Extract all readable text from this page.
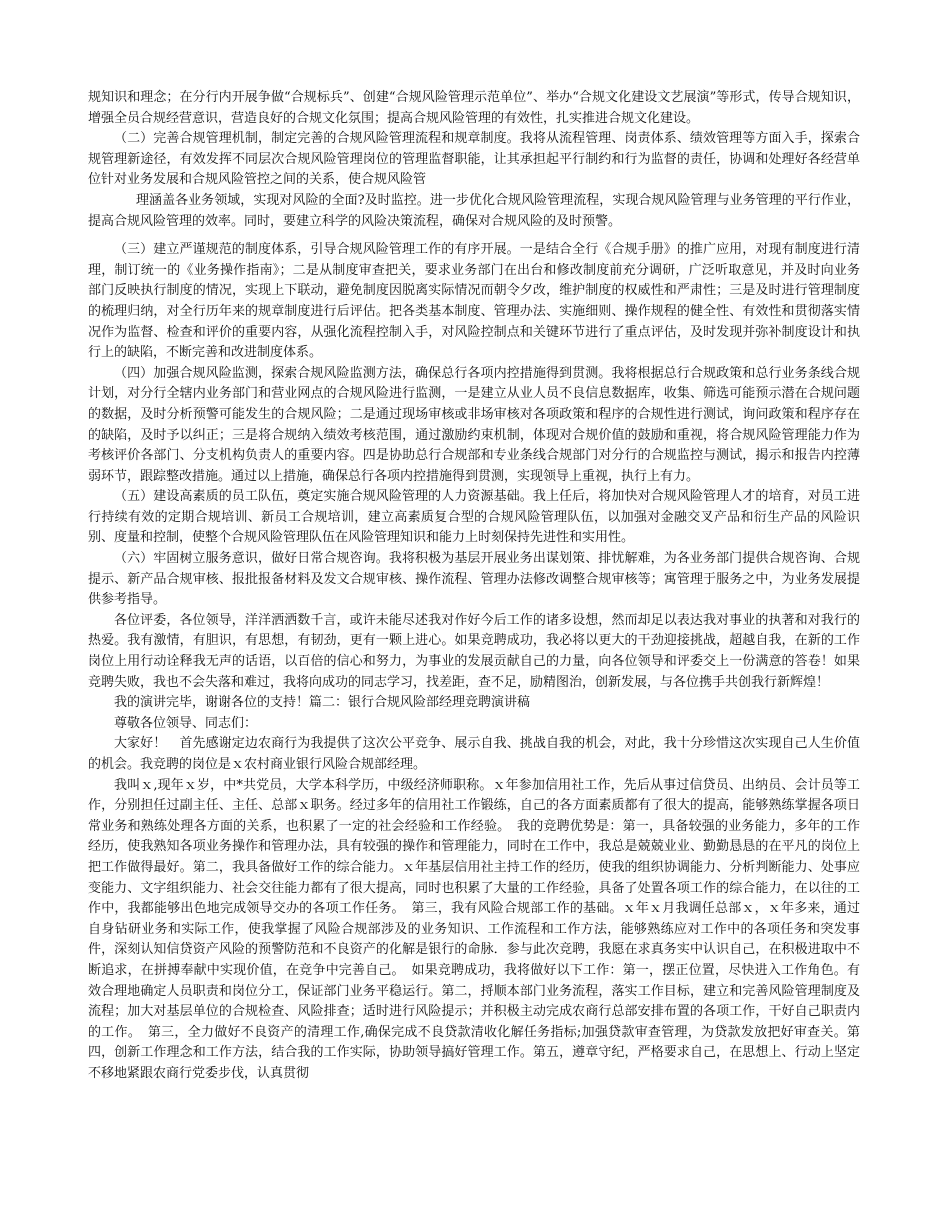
规知识和理念；在分行内开展争做“合规标兵”、创建“合规风险管理示范单位”、举办“合规文化建设文艺展演”等形式，传导合规知识，增强全员合规经营意识，营造良好的合规文化氛围；提高合规风险管理的有效性，扎实推进合规文化建设。

（二）完善合规管理机制，制定完善的合规风险管理流程和规章制度。我将从流程管理、岗责体系、绩效管理等方面入手，探索合规管理新途径，有效发挥不同层次合规风险管理岗位的管理监督职能，让其承担起平行制约和行为监督的责任，协调和处理好各经营单位针对业务发展和合规风险管控之间的关系，使合规风险管

理涵盖各业务领域，实现对风险的全面?及时监控。进一步优化合规风险管理流程，实现合规风险管理与业务管理的平行作业，提高合规风险管理的效率。同时，要建立科学的风险决策流程，确保对合规风险的及时预警。

（三）建立严谨规范的制度体系，引导合规风险管理工作的有序开展。一是结合全行《合规手册》的推广应用，对现有制度进行清理，制订统一的《业务操作指南》；二是从制度审查把关，要求业务部门在出台和修改制度前充分调研，广泛听取意见，并及时向业务部门反映执行制度的情况，实现上下联动，避免制度因脱离实际情况而朝令夕改，维护制度的权威性和严肃性；三是及时进行管理制度的梳理归纳，对全行历年来的规章制度进行后评估。把各类基本制度、管理办法、实施细则、操作规程的健全性、有效性和贯彻落实情况作为监督、检查和评价的重要内容，从强化流程控制入手，对风险控制点和关键环节进行了重点评估，及时发现并弥补制度设计和执行上的缺陷，不断完善和改进制度体系。

（四）加强合规风险监测，探索合规风险监测方法，确保总行各项内控措施得到贯测。我将根据总行合规政策和总行业务条线合规计划，对分行全辖内业务部门和营业网点的合规风险进行监测，一是建立从业人员不良信息数据库，收集、筛选可能预示潜在合规问题的数据，及时分析预警可能发生的合规风险；二是通过现场审核或非场审核对各项政策和程序的合规性进行测试，询问政策和程序存在的缺陷，及时予以纠正；三是将合规纳入绩效考核范围，通过激励约束机制，体现对合规价值的鼓励和重视，将合规风险管理能力作为考核评价各部门、分支机构负责人的重要内容。四是协助总行合规部和专业条线合规部门对分行的合规监控与测试，揭示和报告内控薄弱环节，跟踪整改措施。通过以上措施，确保总行各项内控措施得到贯测，实现领导上重视，执行上有力。

（五）建设高素质的员工队伍，奠定实施合规风险管理的人力资源基础。我上任后，将加快对合规风险管理人才的培育，对员工进行持续有效的定期合规培训、新员工合规培训，建立高素质复合型的合规风险管理队伍，以加强对金融交叉产品和衍生产品的风险识别、度量和控制，使整个合规风险管理队伍在风险管理知识和能力上时刻保持先进性和实用性。

（六）牢固树立服务意识，做好日常合规咨询。我将积极为基层开展业务出谋划策、排忧解难，为各业务部门提供合规咨询、合规提示、新产品合规审核、报批报备材料及发文合规审核、操作流程、管理办法修改调整合规审核等；寓管理于服务之中，为业务发展提供参考指导。

各位评委，各位领导，洋洋洒洒数千言，或许未能尽述我对作好今后工作的诸多设想，然而却足以表达我对事业的执著和对我行的热爱。我有激情，有胆识，有思想，有韧劲，更有一颗上进心。如果竞聘成功，我必将以更大的干劲迎接挑战，超越自我，在新的工作岗位上用行动诠释我无声的话语，以百倍的信心和努力，为事业的发展贡献自己的力量，向各位领导和评委交上一份满意的答卷！如果竞聘失败，我也不会失落和难过，我将向成功的同志学习，找差距，查不足，励精图治，创新发展，与各位携手共创我行新辉煌！

我的演讲完毕，谢谢各位的支持！篇二：银行合规风险部经理竞聘演讲稿

尊敬各位领导、同志们：

大家好！　首先感谢定边农商行为我提供了这次公平竞争、展示自我、挑战自我的机会，对此，我十分珍惜这次实现自己人生价值的机会。我竞聘的岗位是ｘ农村商业银行风险合规部经理。

我叫ｘ,现年ｘ岁，中*共党员，大学本科学历，中级经济师职称。ｘ年参加信用社工作，先后从事过信贷员、出纳员、会计员等工作，分别担任过副主任、主任、总部ｘ职务。经过多年的信用社工作锻练，自己的各方面素质都有了很大的提高，能够熟练掌握各项日常业务和熟练处理各方面的关系，也积累了一定的社会经验和工作经验。　我的竞聘优势是：第一，具备较强的业务能力，多年的工作经历，使我熟知各项业务操作和管理办法，具有较强的操作和管理能力，同时在工作中，我总是兢兢业业、勤勤恳恳的在平凡的岗位上把工作做得最好。第二，我具备做好工作的综合能力。ｘ年基层信用社主持工作的经历，使我的组织协调能力、分析判断能力、处事应变能力、文字组织能力、社会交往能力都有了很大提高，同时也积累了大量的工作经验，具备了处置各项工作的综合能力，在以往的工作中，我都能够出色地完成领导交办的各项工作任务。　第三，我有风险合规部工作的基础。ｘ年ｘ月我调任总部ｘ，ｘ年多来，通过自身钻研业务和实际工作，使我掌握了风险合规部涉及的业务知识、工作流程和工作方法，能够熟练应对工作中的各项任务和突发事件，深刻认知信贷资产风险的预警防范和不良资产的化解是银行的命脉．参与此次竞聘，我愿在求真务实中认识自己，在积极进取中不断追求，在拼搏奉献中实现价值，在竞争中完善自己。　如果竞聘成功，我将做好以下工作：第一，摆正位置，尽快进入工作角色。有效合理地确定人员职责和岗位分工，保证部门业务平稳运行。第二，捋顺本部门业务流程，落实工作目标，建立和完善风险管理制度及流程；加大对基层单位的合规检查、风险排查；适时进行风险提示；并积极主动完成农商行总部安排布置的各项工作，干好自己职责内的工作。　第三，全力做好不良资产的清理工作,确保完成不良贷款清收化解任务指标;加强贷款审查管理，为贷款发放把好审查关。第四，创新工作理念和工作方法，结合我的工作实际，协助领导搞好管理工作。第五，遵章守纪，严格要求自己，在思想上、行动上坚定不移地紧跟农商行党委步伐，认真贯彻
